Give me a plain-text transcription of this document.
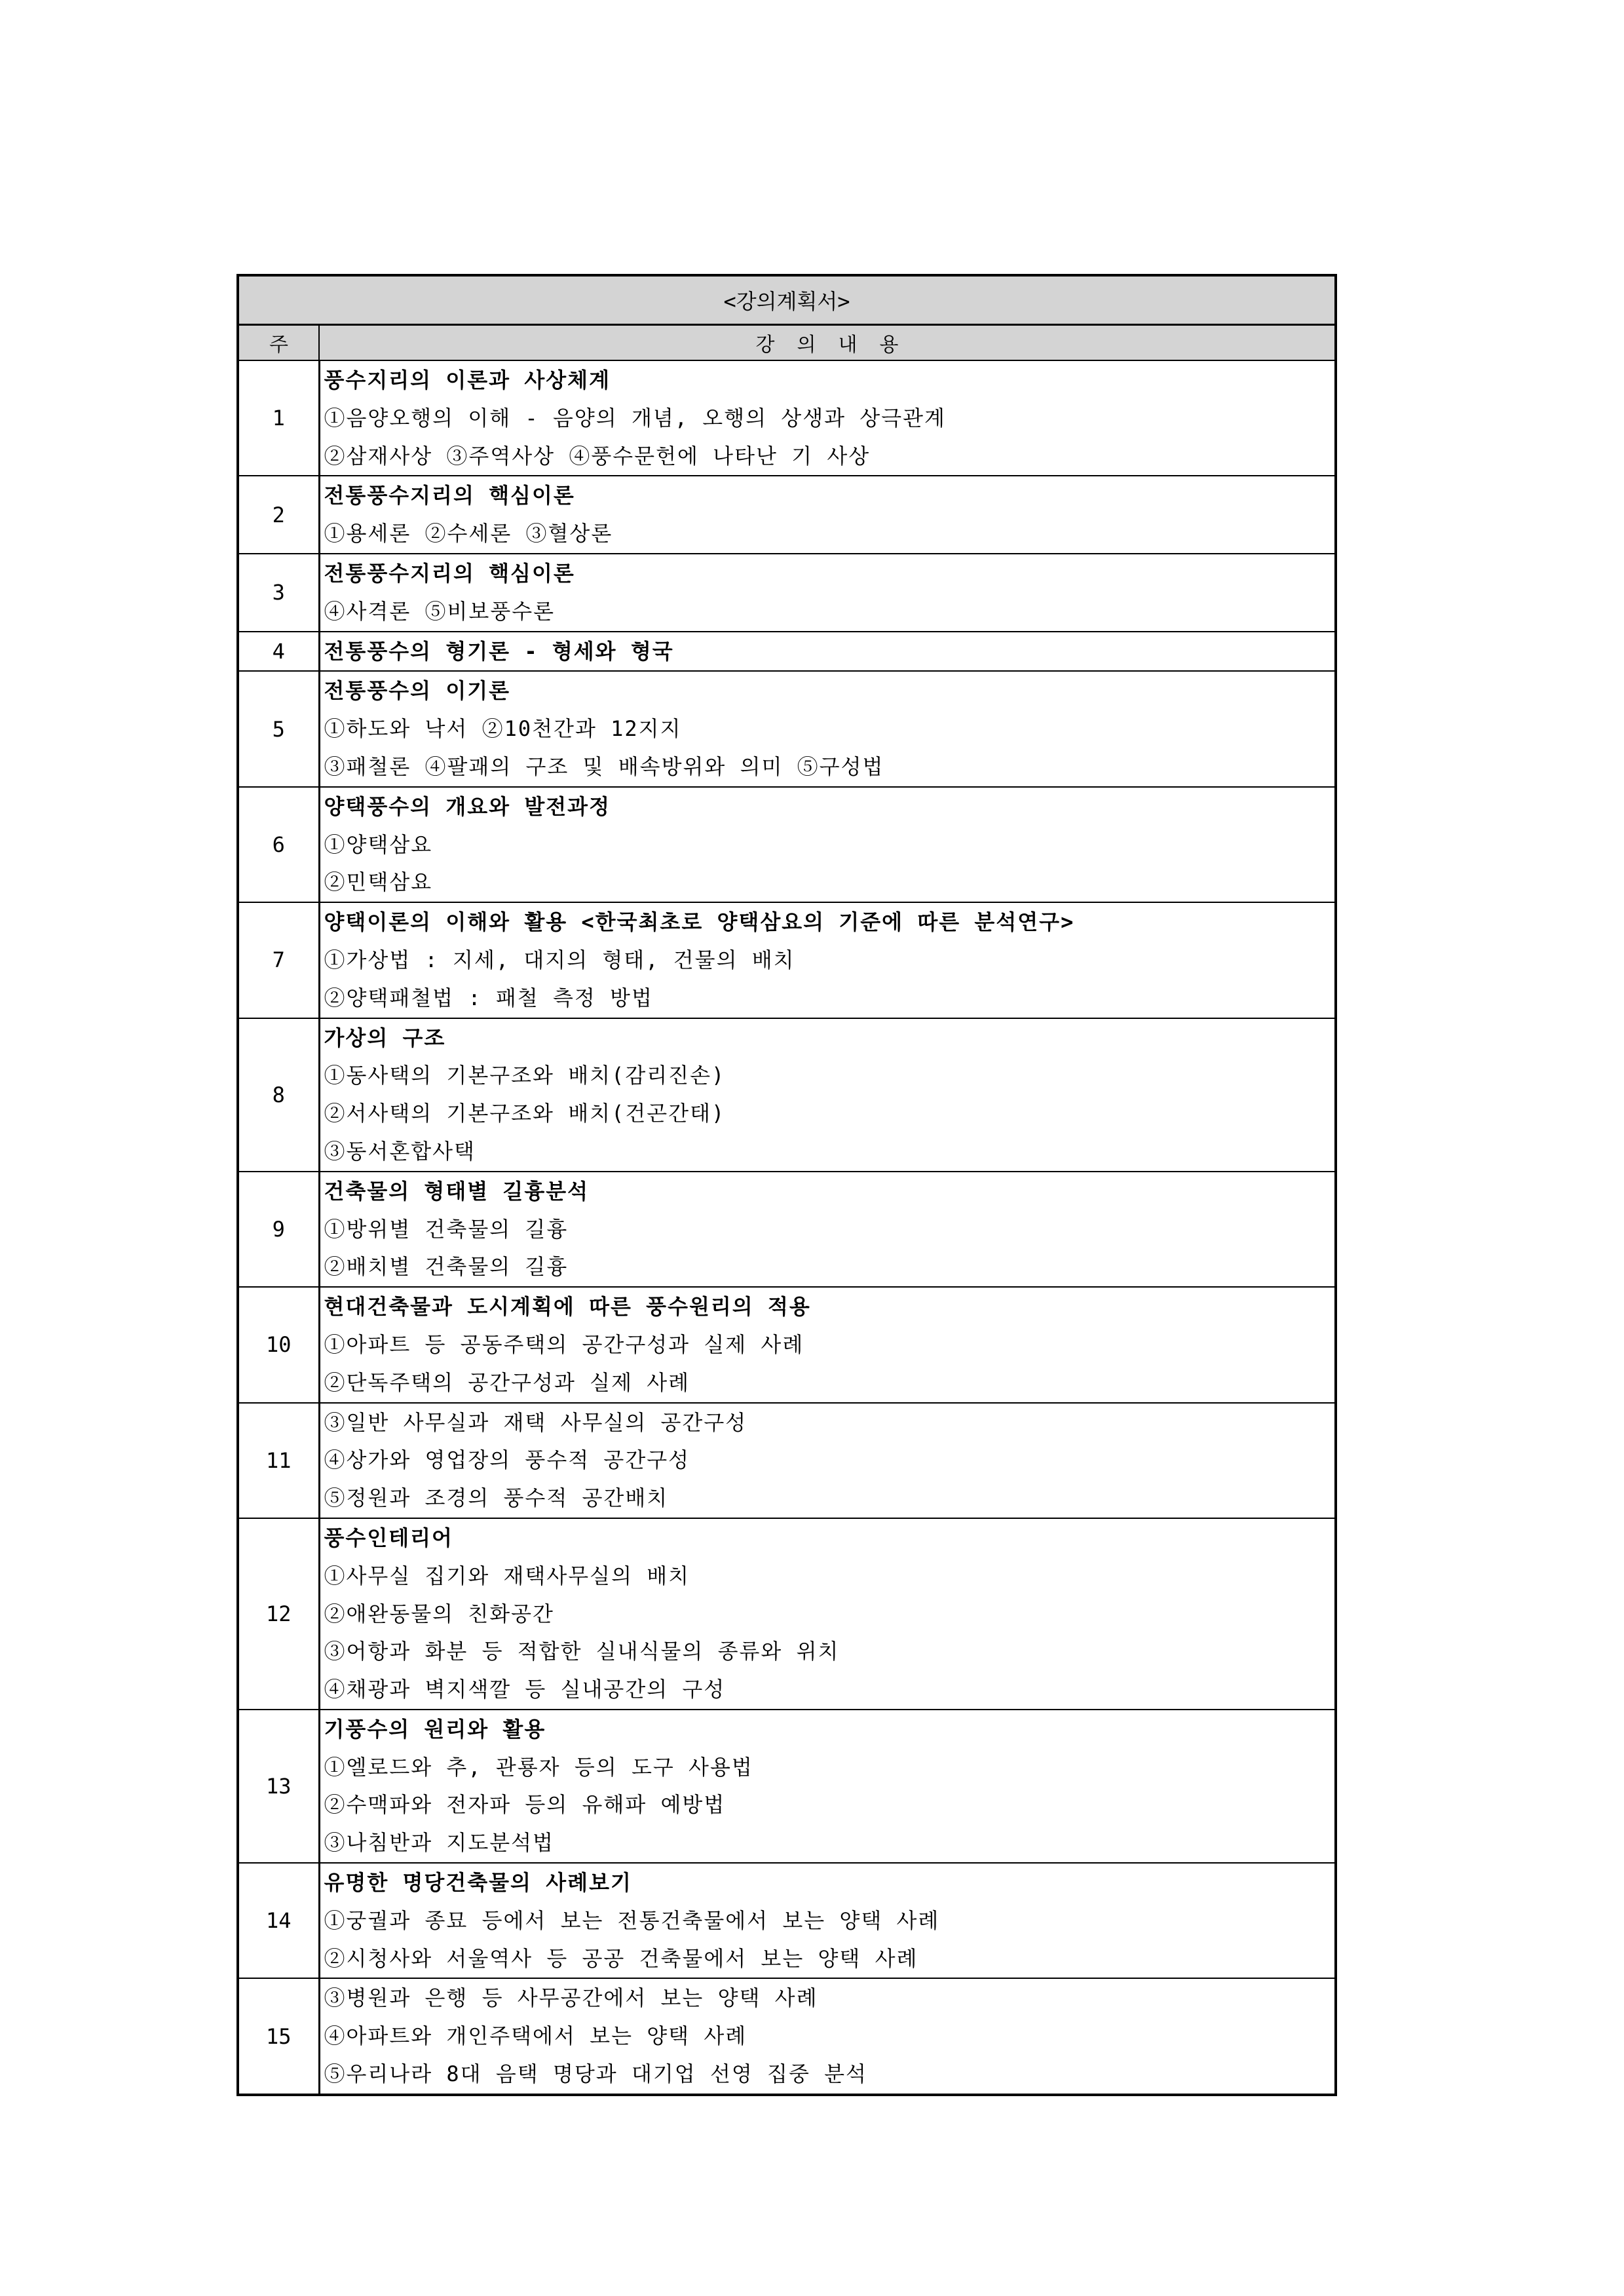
<강의계획서>	
주	강의내용
1	풍수지리의 이론과 사상체계
①음양오행의 이해 - 음양의 개념, 오행의 상생과 상극관계
②삼재사상 ③주역사상 ④풍수문헌에 나타난 기 사상

2	전통풍수지리의 핵심이론
①용세론 ②수세론 ③혈상론

3	전통풍수지리의 핵심이론
④사격론 ⑤비보풍수론

4	전통풍수의 형기론 - 형세와 형국

5	전통풍수의 이기론
①하도와 낙서 ②10천간과 12지지
③패철론 ④팔괘의 구조 및 배속방위와 의미 ⑤구성법

6	양택풍수의 개요와 발전과정
①양택삼요
②민택삼요

7	양택이론의 이해와 활용 <한국최초로 양택삼요의 기준에 따른 분석연구>
①가상법 : 지세, 대지의 형태, 건물의 배치
②양택패철법 : 패철 측정 방법

8	가상의 구조
①동사택의 기본구조와 배치(감리진손)
②서사택의 기본구조와 배치(건곤간태)
③동서혼합사택

9	건축물의 형태별 길흉분석
①방위별 건축물의 길흉
②배치별 건축물의 길흉

10	현대건축물과 도시계획에 따른 풍수원리의 적용
①아파트 등 공동주택의 공간구성과 실제 사례
②단독주택의 공간구성과 실제 사례

11	③일반 사무실과 재택 사무실의 공간구성
④상가와 영업장의 풍수적 공간구성
⑤정원과 조경의 풍수적 공간배치

12	풍수인테리어
①사무실 집기와 재택사무실의 배치
②애완동물의 친화공간
③어항과 화분 등 적합한 실내식물의 종류와 위치
④채광과 벽지색깔 등 실내공간의 구성

13	기풍수의 원리와 활용
①엘로드와 추, 관룡자 등의 도구 사용법
②수맥파와 전자파 등의 유해파 예방법
③나침반과 지도분석법

14	유명한 명당건축물의 사례보기
①궁궐과 종묘 등에서 보는 전통건축물에서 보는 양택 사례
②시청사와 서울역사 등 공공 건축물에서 보는 양택 사례

15	③병원과 은행 등 사무공간에서 보는 양택 사례
④아파트와 개인주택에서 보는 양택 사례
⑤우리나라 8대 음택 명당과 대기업 선영 집중 분석
